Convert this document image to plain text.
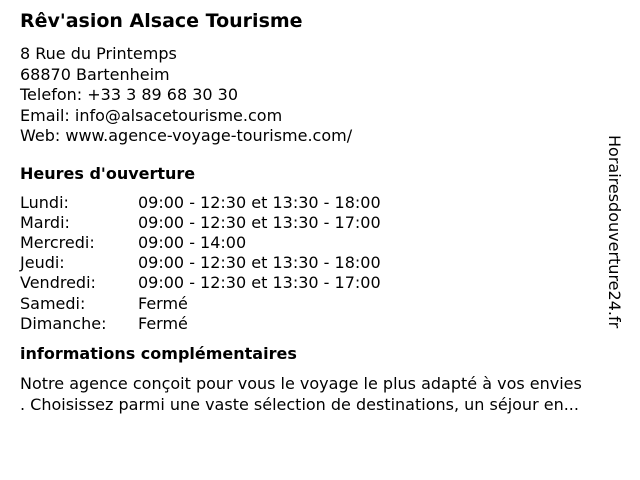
Rêv'asion Alsace Tourisme
8 Rue du Printemps
68870 Bartenheim
Telefon: +33 3 89 68 30 30
Email: info@alsacetourisme.com
Web: www.agence-voyage-tourisme.com/
Heures d'ouverture
Lundi:	09:00 - 12:30 et 13:30 - 18:00
Mardi:	09:00 - 12:30 et 13:30 - 17:00
Mercredi:	09:00 - 14:00
Jeudi:	09:00 - 12:30 et 13:30 - 18:00
Vendredi:	09:00 - 12:30 et 13:30 - 17:00
Samedi:	Fermé
Dimanche: Fermé
informations complémentaires
Notre agence conçoit pour vous le voyage le plus adapté à vos envies
. Choisissez parmi une vaste sélection de destinations, un séjour en...
Horairesdouverture24.fr
